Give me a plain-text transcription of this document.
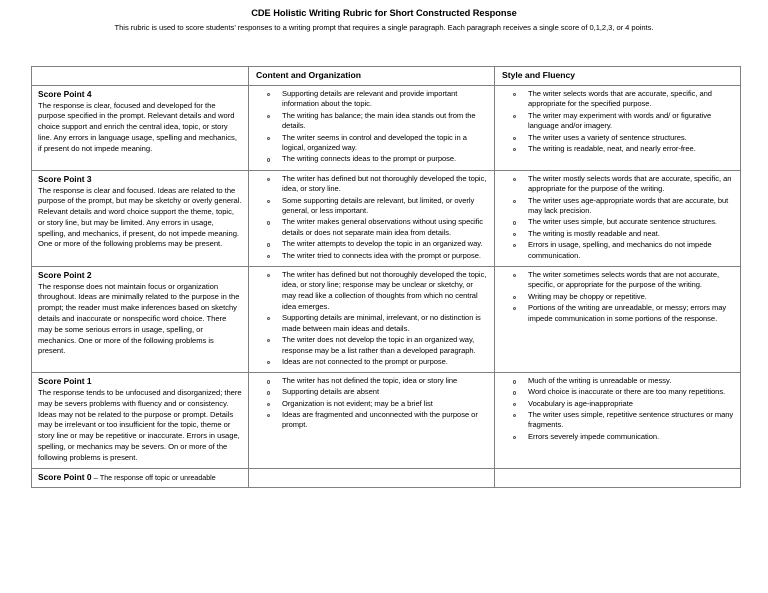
CDE Holistic Writing Rubric for Short Constructed Response
This rubric is used to score students’ responses to a writing prompt that requires a single paragraph. Each paragraph receives a single score of 0,1,2,3, or 4 points.

	Content and Organization	Style and Fluency

Score Point 4
The response is clear, focused and developed for the purpose specified in the prompt. Relevant details and word choice support and enrich the central idea, topic, or story line. Any errors in language usage, spelling and mechanics, if present do not impede meaning.

Supporting details are relevant and provide important information about the topic.
The writing has balance; the main idea stands out from the details.
The writer seems in control and developed the topic in a logical, organized way.
The writing connects ideas to the prompt or purpose.

The writer selects words that are accurate, specific, and appropriate for the specified purpose.
The writer may experiment with words and/ or figurative language and/or imagery.
The writer uses a variety of sentence structures.
The writing is readable, neat, and nearly error-free.

Score Point 3
The response is clear and focused. Ideas are related to the purpose of the prompt, but may be sketchy or overly general. Relevant details and word choice support the theme, topic, or story line, but may be limited. Any errors in usage, spelling, and mechanics, if present, do not impede meaning. One or more of the following problems may be present.

The writer has defined but not thoroughly developed the topic, idea, or story line.
Some supporting details are relevant, but limited, or overly general, or less important.
The writer makes general observations without using specific details or does not separate main idea from details.
The writer attempts to develop the topic in an organized way.
The writer tried to connects idea with the prompt or purpose.

The writer mostly selects words that are accurate, specific, an appropriate for the purpose of the writing.
The writer uses age-appropriate words that are accurate, but may lack precision.
The writer uses simple, but accurate sentence structures.
The writing is mostly readable and neat.
Errors in usage, spelling, and mechanics do not impede communication.

Score Point 2
The response does not maintain focus or organization throughout. Ideas are minimally related to the purpose in the prompt; the reader must make inferences based on sketchy details and inaccurate or nonspecific word choice. There may be some serious errors in usage, spelling, or mechanics. One or more of the following problems is present.

The writer has defined but not thoroughly developed the topic, idea, or story line; response may be unclear or sketchy, or may read like a collection of thoughts from which no central idea emerges.
Supporting details are minimal, irrelevant, or no distinction is made between main ideas and details.
The writer does not develop the topic in an organized way, response may be a list rather than a developed paragraph.
Ideas are not connected to the prompt or purpose.

The writer sometimes selects words that are not accurate, specific, or appropriate for the purpose of the writing.
Writing may be choppy or repetitive.
Portions of the writing are unreadable, or messy; errors may impede communication in some portions of the response.

Score Point 1
The response tends to be unfocused and disorganized; there may be severs problems with fluency and or consistency. Ideas may not be related to the purpose or prompt. Details may be irrelevant or too insufficient for the topic, theme or story line or may be repetitive or inaccurate. Errors in usage, spelling, or mechanics may be severs. On or more of the following problems is present.

The writer has not defined the topic, idea or story line
Supporting details are absent
Organization is not evident; may be a brief list
Ideas are fragmented and unconnected with the purpose or prompt.

Much of the writing is unreadable or messy.
Word choice is inaccurate or there are too many repetitions.
Vocabulary is age-inappropriate
The writer uses simple, repetitive sentence structures or many fragments.
Errors severely impede communication.

Score Point 0 – The response off topic or unreadable		
